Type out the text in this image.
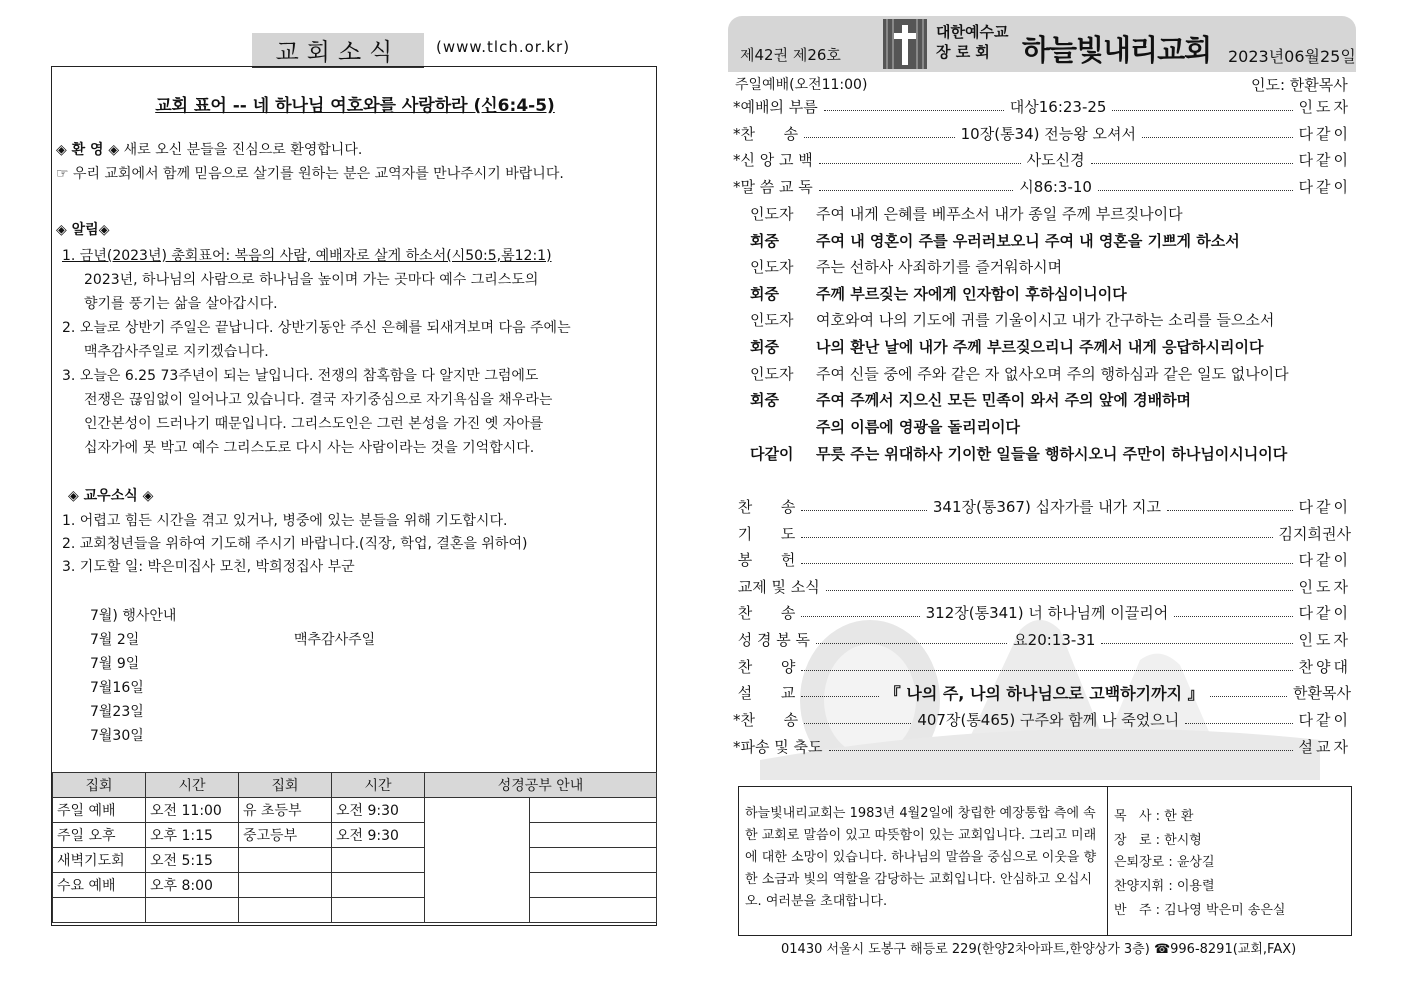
교회소식	(www.tlch.or.kr)
교회 표어 -- 네 하나님 여호와를 사랑하라 (신6:4-5)
◈ 환 영 ◈ 새로 오신 분들을 진심으로 환영합니다.
☞ 우리 교회에서 함께 믿음으로 살기를 원하는 분은 교역자를 만나주시기 바랍니다.
◈ 알림◈
1. 금년(2023년) 총회표어: 복음의 사람, 예배자로 살게 하소서(시50:5,롬12:1)
2023년, 하나님의 사람으로 하나님을 높이며 가는 곳마다 예수 그리스도의
향기를 풍기는 삶을 살아갑시다.
2. 오늘로 상반기 주일은 끝납니다. 상반기동안 주신 은혜를 되새겨보며 다음 주에는
맥추감사주일로 지키겠습니다.
3. 오늘은 6.25 73주년이 되는 날입니다. 전쟁의 참혹함을 다 알지만 그럼에도
전쟁은 끊임없이 일어나고 있습니다. 결국 자기중심으로 자기욕심을 채우라는
인간본성이 드러나기 때문입니다. 그리스도인은 그런 본성을 가진 옛 자아를
십자가에 못 박고 예수 그리스도로 다시 사는 사람이라는 것을 기억합시다.
◈ 교우소식 ◈
1. 어렵고 힘든 시간을 겪고 있거나, 병중에 있는 분들을 위해 기도합시다.
2. 교회청년들을 위하여 기도해 주시기 바랍니다.(직장, 학업, 결혼을 위하여)
3. 기도할 일: 박은미집사 모친, 박희정집사 부군
7월) 행사안내
7월 2일	맥추감사주일
7월 9일
7월16일
7월23일
7월30일
집회	시간	집회	시간	성경공부 안내	
주일 예배	오전 11:00	유 초등부	오전 9:30		
주일 오후	오후 1:15	중고등부	오전 9:30		
새벽기도회	오전 5:15				
수요 예배	오후 8:00				

제42권 제26호
대한예수교
장 로 회	하늘빛내리교회 2023년06월25일
주일예배(오전11:00)	인도: 한환목사
*예배의 부름	대상16:23-25	인도자
*찬      송	10장(통34) 전능왕 오셔서	다같이
*신 앙 고 백	사도신경	다같이
*말 씀 교 독	시86:3-10	다같이
인도자 주여 내게 은혜를 베푸소서 내가 종일 주께 부르짖나이다
회중 주여 내 영혼이 주를 우러러보오니 주여 내 영혼을 기쁘게 하소서
인도자 주는 선하사 사죄하기를 즐거워하시며
회중 주께 부르짖는 자에게 인자함이 후하심이니이다
인도자 여호와여 나의 기도에 귀를 기울이시고 내가 간구하는 소리를 들으소서
회중 나의 환난 날에 내가 주께 부르짖으리니 주께서 내게 응답하시리이다
인도자 주여 신들 중에 주와 같은 자 없사오며 주의 행하심과 같은 일도 없나이다
회중 주여 주께서 지으신 모든 민족이 와서 주의 앞에 경배하며
주의 이름에 영광을 돌리리이다
다같이 무릇 주는 위대하사 기이한 일들을 행하시오니 주만이 하나님이시니이다
찬      송	341장(통367) 십자가를 내가 지고	다같이
기      도	김지희권사
봉      헌	다같이
교제 및 소식	인도자
찬      송	312장(통341) 너 하나님께 이끌리어	다같이
성 경 봉 독	요20:13-31	인도자
찬      양	찬양대
설      교	『 나의 주, 나의 하나님으로 고백하기까지 』	한환목사
*찬      송	407장(통465) 구주와 함께 나 죽었으니	다같이
*파송 및 축도	설교자
하늘빛내리교회는 1983년 4월2일에 창립한 예장통합 측에 속한 교회로 말씀이 있고 따뜻함이 있는 교회입니다. 그리고 미래에 대한 소망이 있습니다. 하나님의 말씀을 중심으로 이웃을 향한 소금과 빛의 역할을 감당하는 교회입니다. 안심하고 오십시오. 여러분을 초대합니다.
목   사 : 한 환
장   로 : 한시형
은퇴장로 : 윤상길
찬양지휘 : 이용렬
반   주 : 김나영 박은미 송은실
01430 서울시 도봉구 해등로 229(한양2차아파트,한양상가 3층) ☎996-8291(교회,FAX)
